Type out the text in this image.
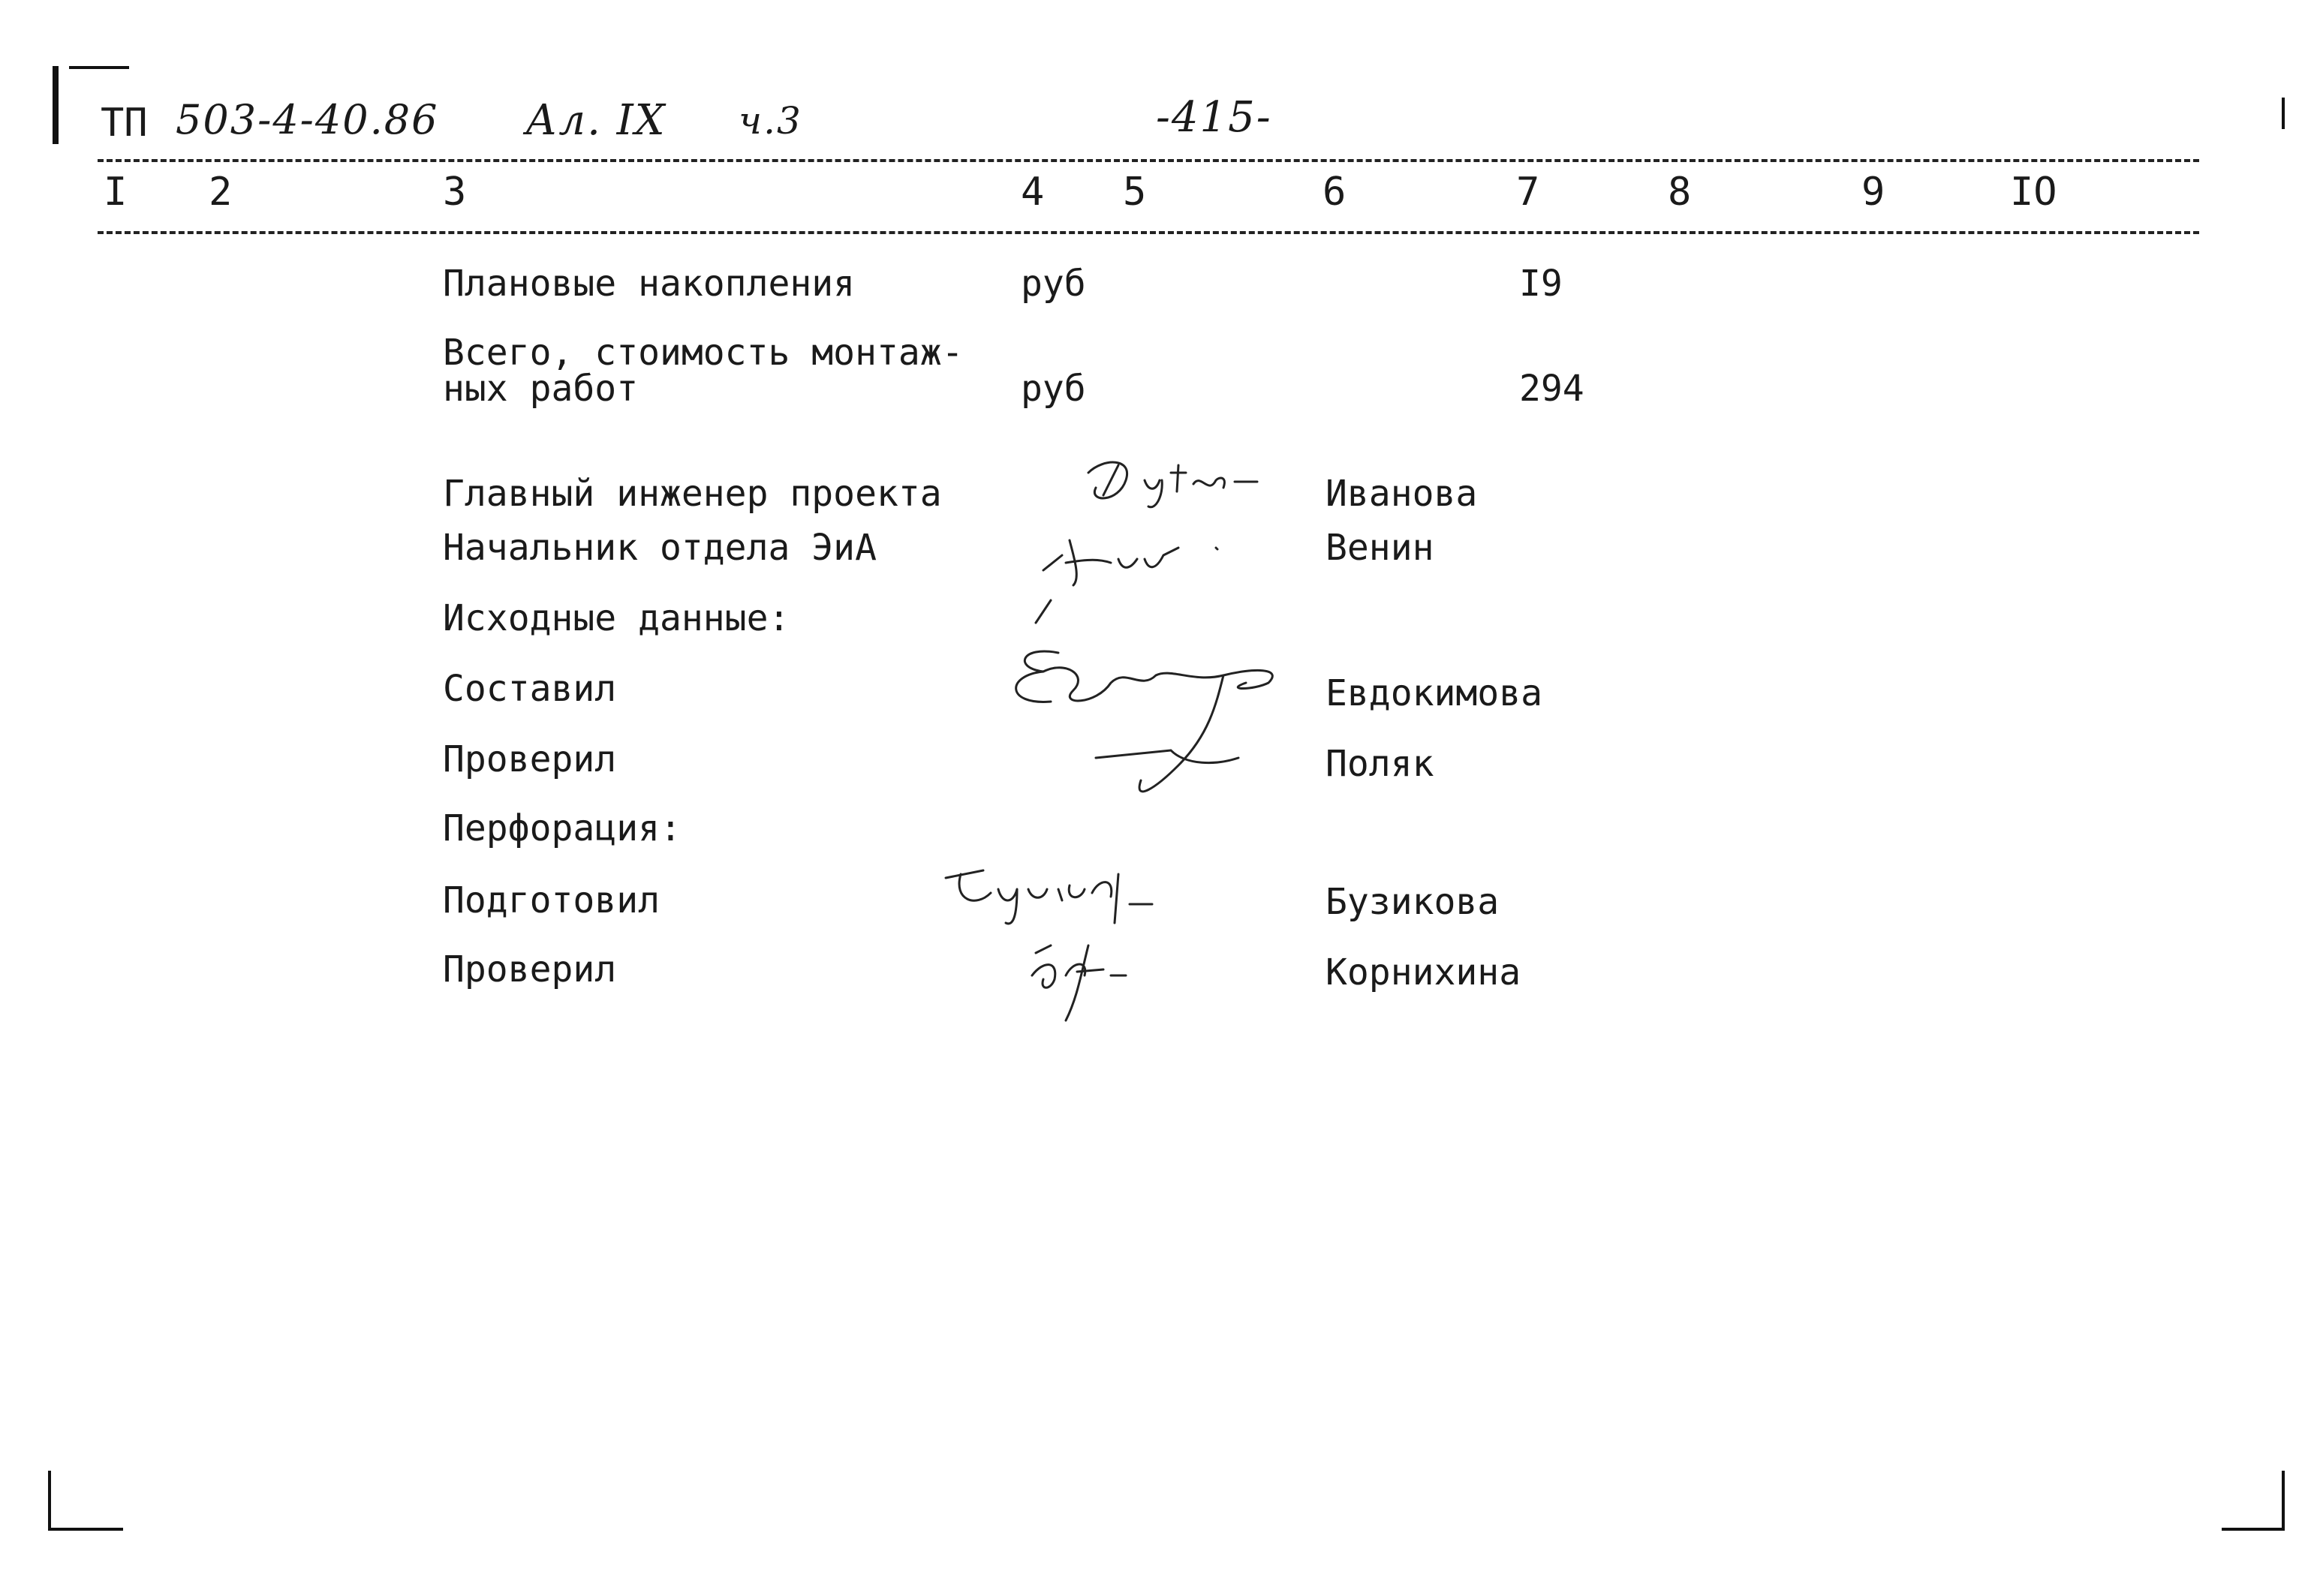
ТП 503-4-40.86 Ал. IX ч.3	-415-
I 2	3	4 5	6	7	8	9	IO
Плановые накопления	руб	I9
Всего, стоимость монтаж-
ных работ	руб	294
Главный инженер проекта	Иванова
Начальник отдела ЭиА	Венин
Исходные данные:
Составил	Евдокимова
Проверил	Поляк
Перфорация:
Подготовил	Бузикова
Проверил	Корнихина
